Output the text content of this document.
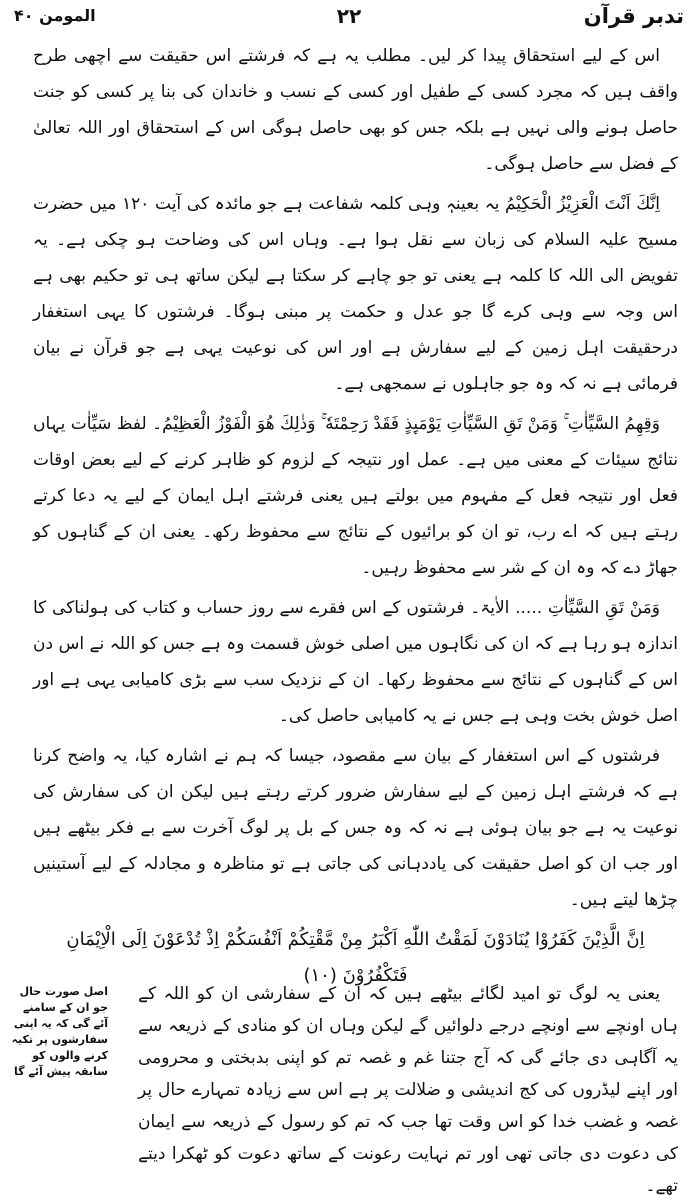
المومن ۴۰	۲۲	تدبر قرآن

اس کے لیے استحقاق پیدا کر لیں۔ مطلب یہ ہے کہ فرشتے اس حقیقت سے اچھی طرح واقف ہیں کہ مجرد کسی کے طفیل اور کسی کے نسب و خاندان کی بنا پر کسی کو جنت حاصل ہونے والی نہیں ہے بلکہ جس کو بھی حاصل ہوگی اس کے استحقاق اور اللہ تعالیٰ کے فضل سے حاصل ہوگی۔

اِنَّكَ اَنْتَ الْعَزِیْزُ الْحَكِیْمُ یہ بعینہٖ وہی کلمہ شفاعت ہے جو مائدہ کی آیت ۱۲۰ میں حضرت مسیح علیہ السلام کی زبان سے نقل ہوا ہے۔ وہاں اس کی وضاحت ہو چکی ہے۔ یہ تفویض الی اللہ کا کلمہ ہے یعنی تو جو چاہے کر سکتا ہے لیکن ساتھ ہی تو حکیم بھی ہے اس وجہ سے وہی کرے گا جو عدل و حکمت پر مبنی ہوگا۔ فرشتوں کا یہی استغفار درحقیقت اہل زمین کے لیے سفارش ہے اور اس کی نوعیت یہی ہے جو قرآن نے بیان فرمائی ہے نہ کہ وہ جو جاہلوں نے سمجھی ہے۔

وَقِهِمُ السَّیِّاٰتِ ۚ وَمَنْ تَقِ السَّیِّاٰتِ یَوْمَىِٕذٍ فَقَدْ رَحِمْتَهٗ ۚ وَذٰلِكَ هُوَ الْفَوْزُ الْعَظِیْمُ۔ لفظ سَیِّاٰت یہاں نتائج سیئات کے معنی میں ہے۔ عمل اور نتیجہ کے لزوم کو ظاہر کرنے کے لیے بعض اوقات فعل اور نتیجہ فعل کے مفہوم میں بولتے ہیں یعنی فرشتے اہل ایمان کے لیے یہ دعا کرتے رہتے ہیں کہ اے رب، تو ان کو برائیوں کے نتائج سے محفوظ رکھ۔ یعنی ان کے گناہوں کو جھاڑ دے کہ وہ ان کے شر سے محفوظ رہیں۔

وَمَنْ تَقِ السَّیِّاٰتِ ..... الاٰیۃ۔ فرشتوں کے اس فقرے سے روز حساب و کتاب کی ہولناکی کا اندازہ ہو رہا ہے کہ ان کی نگاہوں میں اصلی خوش قسمت وہ ہے جس کو اللہ نے اس دن اس کے گناہوں کے نتائج سے محفوظ رکھا۔ ان کے نزدیک سب سے بڑی کامیابی یہی ہے اور اصل خوش بخت وہی ہے جس نے یہ کامیابی حاصل کی۔

فرشتوں کے اس استغفار کے بیان سے مقصود، جیسا کہ ہم نے اشارہ کیا، یہ واضح کرنا ہے کہ فرشتے اہل زمین کے لیے سفارش ضرور کرتے رہتے ہیں لیکن ان کی سفارش کی نوعیت یہ ہے جو بیان ہوئی ہے نہ کہ وہ جس کے بل پر لوگ آخرت سے بے فکر بیٹھے ہیں اور جب ان کو اصل حقیقت کی یاددہانی کی جاتی ہے تو مناظرہ و مجادلہ کے لیے آستینیں چڑھا لیتے ہیں۔

اِنَّ الَّذِیْنَ كَفَرُوْا یُنَادَوْنَ لَمَقْتُ اللّٰهِ اَكْبَرُ مِنْ مَّقْتِكُمْ اَنْفُسَكُمْ اِذْ تُدْعَوْنَ اِلَى الْاِیْمَانِ فَتَكْفُرُوْنَ (۱۰)

یعنی یہ لوگ تو امید لگائے بیٹھے ہیں کہ ان کے سفارشی ان کو اللہ کے ہاں اونچے سے اونچے درجے دلوائیں گے لیکن وہاں ان کو منادی کے ذریعہ سے یہ آگاہی دی جائے گی کہ آج جتنا غم و غصہ تم کو اپنی بدبختی و محرومی اور اپنے لیڈروں کی کج اندیشی و ضلالت پر ہے اس سے زیادہ تمہارے حال پر غصہ و غضب خدا کو اس وقت تھا جب کہ تم کو رسول کے ذریعہ سے ایمان کی دعوت دی جاتی تھی اور تم نہایت رعونت کے ساتھ دعوت کو ٹھکرا دیتے تھے۔

اصل صورت حال جو ان کے سامنے آئے گی کہ یہ اپنی سفارشوں پر تکیہ کرنے والوں کو سابقہ پیش آئے گا
